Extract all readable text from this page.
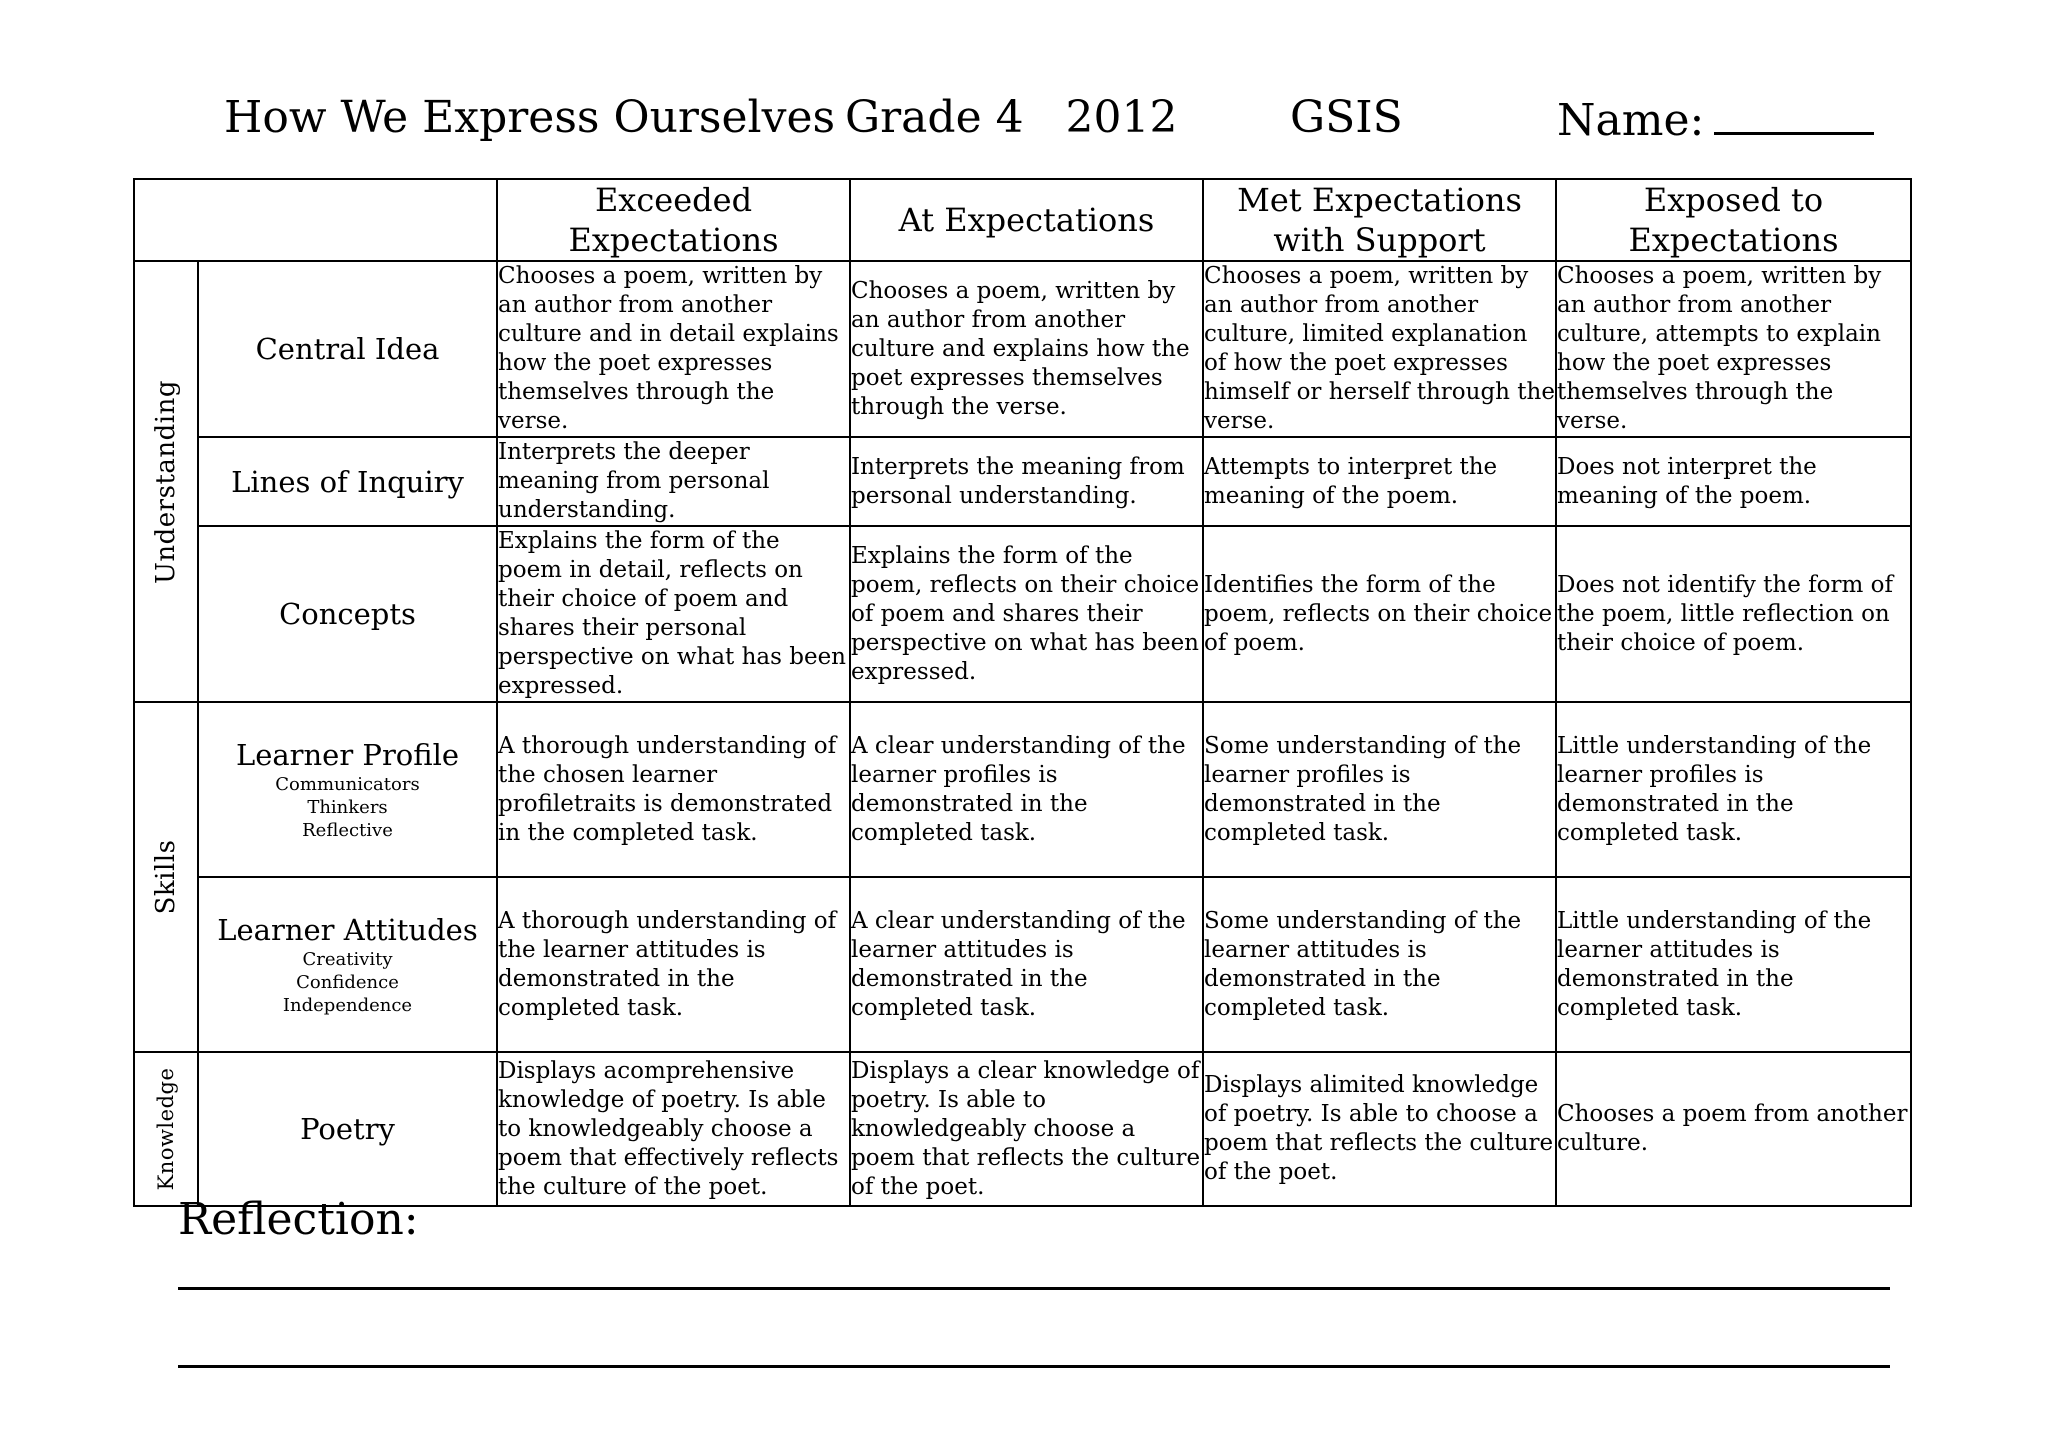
How We Express Ourselves Grade 4   2012	GSIS	Name:
		Exceeded Expectations	At Expectations	Met Expectations with Support	Exposed to Expectations

Understanding	Central Idea	Chooses a poem, written by an author from another culture and in detail explains how the poet expresses themselves through the verse.	Chooses a poem, written by an author from another culture and explains how the poet expresses themselves through the verse.	Chooses a poem, written by an author from another culture, limited explanation of how the poet expresses himself or herself through the verse.	Chooses a poem, written by an author from another culture, attempts to explain how the poet expresses themselves through the verse.

	Lines of Inquiry	Interprets the deeper meaning from personal understanding.	Interprets the meaning from personal understanding.	Attempts to interpret the meaning of the poem.	Does not interpret the meaning of the poem.

	Concepts	Explains the form of the poem in detail, reflects on their choice of poem and shares their personal perspective on what has been expressed.	Explains the form of the poem, reflects on their choice of poem and shares their perspective on what has been expressed.	Identifies the form of the poem, reflects on their choice of poem.	Does not identify the form of the poem, little reflection on their choice of poem.

Skills	Learner Profile
Communicators
Thinkers
Reflective	A thorough understanding of the chosen learner profiletraits is demonstrated in the completed task.	A clear understanding of the learner profiles is demonstrated in the completed task.	Some understanding of the learner profiles is demonstrated in the completed task.	Little understanding of the learner profiles is demonstrated in the completed task.

	Learner Attitudes
Creativity
Confidence
Independence	A thorough understanding of the learner attitudes is demonstrated in the completed task.	A clear understanding of the learner attitudes is demonstrated in the completed task.	Some understanding of the learner attitudes is demonstrated in the completed task.	Little understanding of the learner attitudes is demonstrated in the completed task.

Knowledge	Poetry	Displays acomprehensive knowledge of poetry. Is able to knowledgeably choose a poem that effectively reflects the culture of the poet.	Displays a clear knowledge of poetry. Is able to knowledgeably choose a poem that reflects the culture of the poet.	Displays alimited knowledge of poetry. Is able to choose a poem that reflects the culture of the poet.	Chooses a poem from another culture.
Reflection:
